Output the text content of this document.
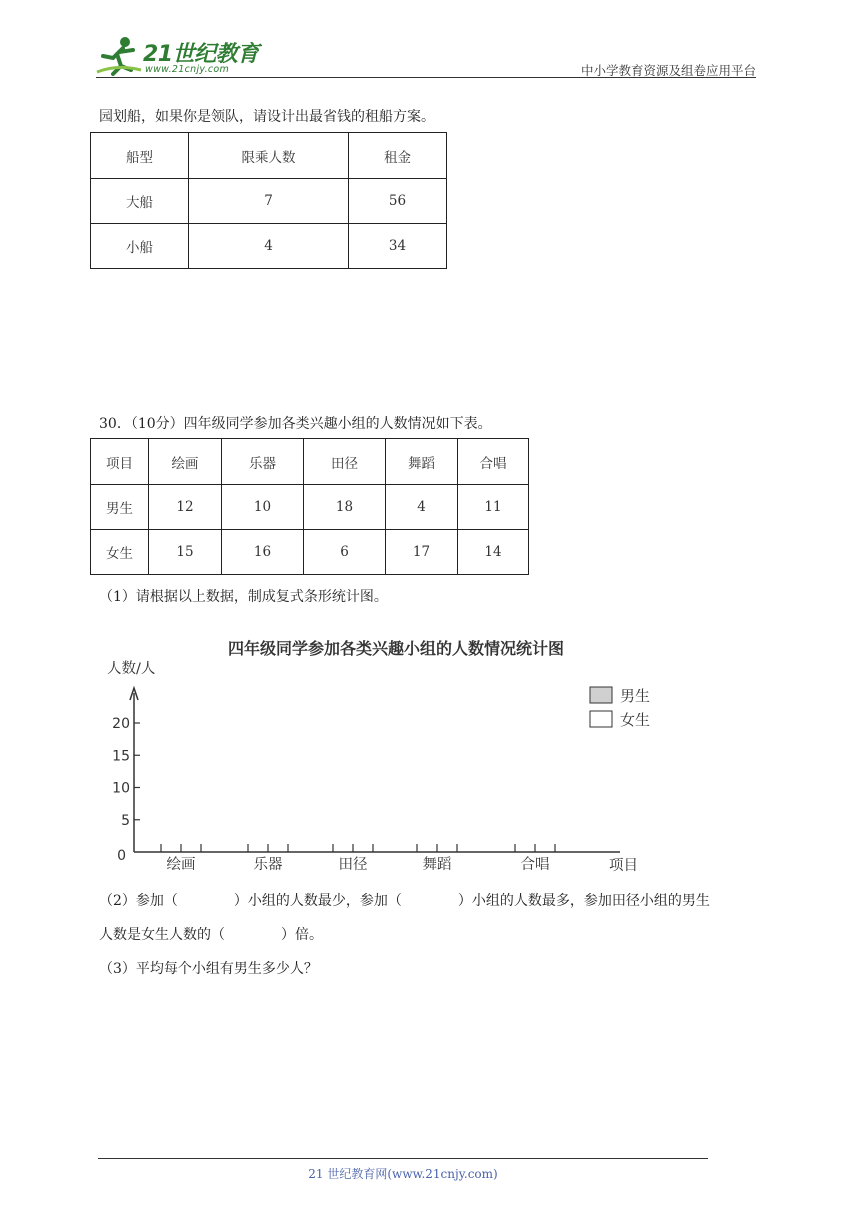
21世纪教育
www.21cnjy.com	中小学教育资源及组卷应用平台
园划船，如果你是领队，请设计出最省钱的租船方案。
船型	限乘人数	租金
大船	7	56
小船	4	34
30．（10分）四年级同学参加各类兴趣小组的人数情况如下表。
项目	绘画	乐器	田径	舞蹈	合唱
男生	12	10	18	4	11
女生	15	16	6	17	14
（1）请根据以上数据，制成复式条形统计图。
四年级同学参加各类兴趣小组的人数情况统计图
人数/人
项目
0
5
10
15
20
绘画	乐器	田径	舞蹈	合唱
男生
女生
（2）参加（　　　　）小组的人数最少，参加（　　　　）小组的人数最多，参加田径小组的男生
人数是女生人数的（　　　　）倍。
（3）平均每个小组有男生多少人？
21 世纪教育网(www.21cnjy.com)
